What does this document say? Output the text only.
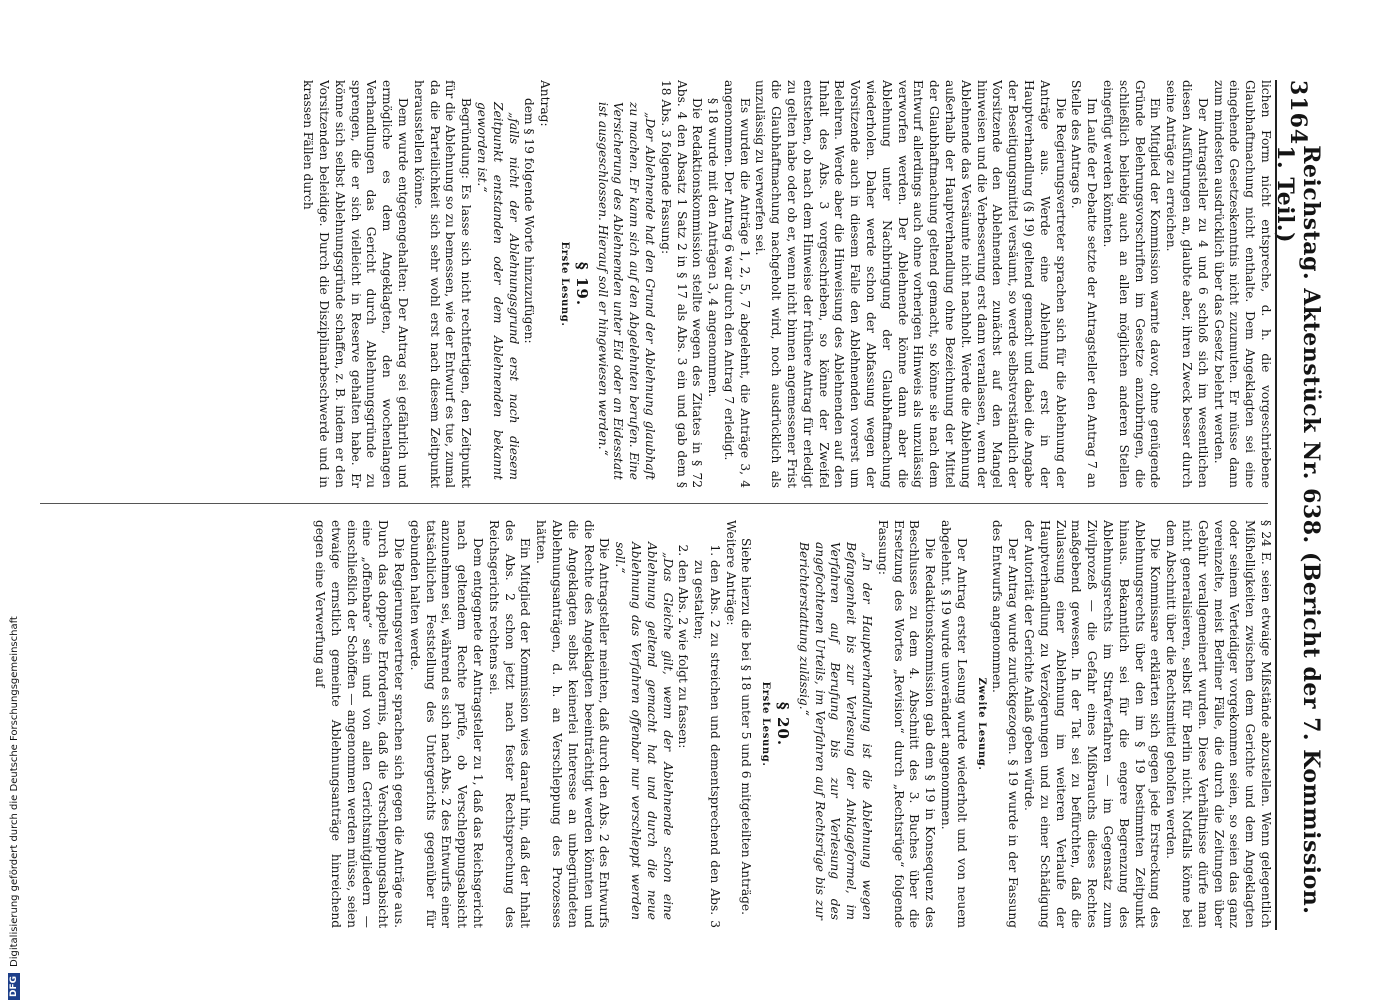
3164
Reichstag. Aktenstück Nr. 638. (Bericht der 7. Kommission. 1. Teil.)

lichen Form nicht entspreche, d. h. die vorgeschriebene Glaubhaftmachung nicht enthalte. Dem Angeklagten sei eine eingehende Gesetzeskenntnis nicht zuzumuten. Er müsse dann zum mindesten ausdrücklich über das Gesetz belehrt werden.

Der Antragsteller zu 4 und 6 schloß sich im wesentlichen diesen Ausführungen an, glaubte aber, ihren Zweck besser durch seine Anträge zu erreichen.

Ein Mitglied der Kommission warnte davor, ohne genügende Gründe Belehrungsvorschriften im Gesetze anzubringen, die schließlich beliebig auch an allen möglichen anderen Stellen eingefügt werden könnten.

Im Laufe der Debatte setzte der Antragsteller den Antrag 7 an Stelle des Antrags 6.

Die Regierungsvertreter sprachen sich für die Ablehnung der Anträge aus. Werde eine Ablehnung erst in der Hauptverhandlung (§ 19) geltend gemacht und dabei die Angabe der Beseitigungsmittel versäumt, so werde selbstverständlich der Vorsitzende den Ablehnenden zunächst auf den Mangel hinweisen und die Verbesserung erst dann veranlassen, wenn der Ablehnende das Versäumte nicht nachholt. Werde die Ablehnung außerhalb der Hauptverhandlung ohne Bezeichnung der Mittel der Glaubhaftmachung geltend gemacht, so könne sie nach dem Entwurf allerdings auch ohne vorherigen Hinweis als unzulässig verworfen werden. Der Ablehnende könne dann aber die Ablehnung unter Nachbringung der Glaubhaftmachung wiederholen. Daher werde schon der Abfassung wegen der Vorsitzende auch in diesem Falle den Ablehnenden vorerst um Belehren. Werde aber die Hinweisung des Ablehnenden auf den Inhalt des Abs. 3 vorgeschrieben, so könne der Zweifel entstehen, ob nach dem Hinweise der frühere Antrag für erledigt zu gelten habe oder ob er, wenn nicht binnen angemessener Frist die Glaubhaftmachung nachgeholt wird, noch ausdrücklich als unzulässig zu verwerfen sei.

Es wurden die Anträge 1, 2, 5, 7 abgelehnt, die Anträge 3, 4 angenommen. Der Antrag 6 war durch den Antrag 7 erledigt.

§ 18 wurde mit den Anträgen 3, 4 angenommen.

Die Redaktionskommission stellte wegen des Zitates in § 72 Abs. 4 den Absatz 1 Satz 2 in § 17 als Abs. 3 ein und gab dem § 18 Abs. 3 folgende Fassung:

„Der Ablehnende hat den Grund der Ablehnung glaubhaft zu machen. Er kann sich auf den Abgelehnten berufen. Eine Versicherung des Ablehnenden unter Eid oder an Eidesstatt ist ausgeschlossen. Hierauf soll er hingewiesen werden.“

§ 19.
Erste Lesung.

Antrag:

dem § 19 folgende Worte hinzuzufügen:

„falls nicht der Ablehnungsgrund erst nach diesem Zeitpunkt entstanden oder dem Ablehnenden bekannt geworden ist.“

Begründung: Es lasse sich nicht rechtfertigen, den Zeitpunkt für die Ablehnung so zu bemessen, wie der Entwurf es tue, zumal da die Parteilichkeit sich sehr wohl erst nach diesem Zeitpunkt herausstellen könne.

Dem wurde entgegengehalten: Der Antrag sei gefährlich und ermögliche es dem Angeklagten, den wochenlangen Verhandlungen das Gericht durch Ablehnungsgründe zu sprengen, die er sich vielleicht in Reserve gehalten habe. Er könne sich selbst Ablehnungsgründe schaffen, z. B. indem er den Vorsitzenden beleidige. Durch die Disziplinarbeschwerde und in krassen Fällen durch

§ 24 E. seien etwaige Mißstände abzustellen. Wenn gelegentlich Mißhelligkeiten zwischen dem Gerichte und dem Angeklagten oder seinem Verteidiger vorgekommen seien, so seien das ganz vereinzelte, meist Berliner Fälle, die durch die Zeitungen über Gebühr verallgemeinert wurden. Diese Verhältnisse dürfe man nicht generalisieren, selbst für Berlin nicht. Notfalls könne bei dem Abschnitt über die Rechtsmittel geholfen werden.

Die Kommissare erklärten sich gegen jede Erstreckung des Ablehnungsrechts über den im § 19 bestimmten Zeitpunkt hinaus. Bekanntlich sei für die engere Begrenzung des Ablehnungsrechts im Strafverfahren — im Gegensatz zum Zivilprozeß — die Gefahr eines Mißbrauchs dieses Rechtes maßgebend gewesen. In der Tat sei zu befürchten, daß die Zulassung einer Ablehnung im weiteren Verlaufe der Hauptverhandlung zu Verzögerungen und zu einer Schädigung der Autorität der Gerichte Anlaß geben würde.

Der Antrag wurde zurückgezogen. § 19 wurde in der Fassung des Entwurfs angenommen.

Zweite Lesung.

Der Antrag erster Lesung wurde wiederholt und von neuem abgelehnt. § 19 wurde unverändert angenommen.

Die Redaktionskommission gab dem § 19 in Konsequenz des Beschlusses zu dem 4. Abschnitt des 3. Buches über die Ersetzung des Wortes „Revision“ durch „Rechtsrüge“ folgende Fassung:

„In der Hauptverhandlung ist die Ablehnung wegen Befangenheit bis zur Verlesung der Anklageformel, im Verfahren auf Berufung bis zur Verlesung des angefochtenen Urteils, im Verfahren auf Rechtsrüge bis zur Berichterstattung zulässig.“

§ 20.
Erste Lesung.

Siehe hierzu die bei § 18 unter 5 und 6 mitgeteilten Anträge.

Weitere Anträge:

1. den Abs. 2 zu streichen und dementsprechend den Abs. 3 zu gestalten;
2. den Abs. 2 wie folgt zu fassen:

„Das Gleiche gilt, wenn der Ablehnende schon eine Ablehnung geltend gemacht hat und durch die neue Ablehnung das Verfahren offenbar nur verschleppt werden soll.“

Die Antragsteller meinten, daß durch den Abs. 2 des Entwurfs die Rechte des Angeklagten beeinträchtigt werden könnten und die Angeklagten selbst keinerlei Interesse an unbegründeten Ablehnungsanträgen, d. h. an Verschleppung des Prozesses hätten.

Ein Mitglied der Kommission wies darauf hin, daß der Inhalt des Abs. 2 schon jetzt nach fester Rechtsprechung des Reichsgerichts rechtens sei.

Dem entgegnete der Antragsteller zu 1, daß das Reichsgericht nach geltendem Rechte prüfe, ob Verschleppungsabsicht anzunehmen sei, während es sich nach Abs. 2 des Entwurfs einer tatsächlichen Feststellung des Untergerichts gegenüber für gebunden halten werde.

Die Regierungsvertreter sprachen sich gegen die Anträge aus. Durch das doppelte Erfordernis, daß die Verschleppungsabsicht eine „offenbare“ sein und von allen Gerichtsmitgliedern — einschließlich der Schöffen — angenommen werden müsse, seien etwaige ernstlich gemeinte Ablehnungsanträge hinreichend gegen eine Verwerfung auf

DFGDigitalisierung gefördert durch die Deutsche Forschungsgemeinschaft
